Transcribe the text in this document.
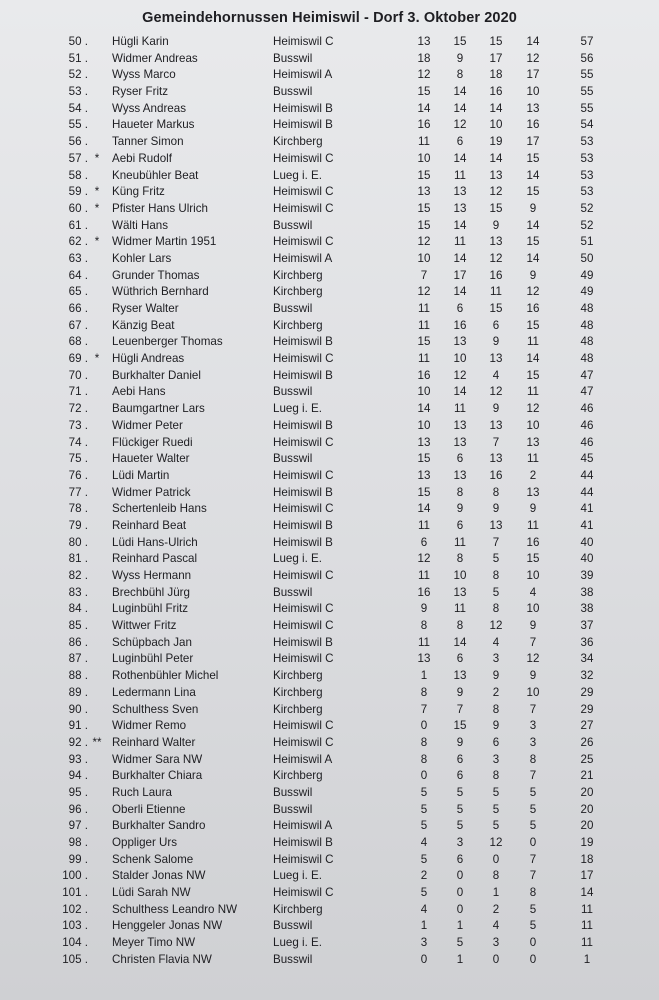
Gemeindehornussen Heimiswil - Dorf 3. Oktober 2020
50 . Hügli Karin	Heimiswil C	13	15	15	14	57
51 . Widmer Andreas	Busswil	18	9	17	12	56
52 . Wyss Marco	Heimiswil A	12	8	18	17	55
53 . Ryser Fritz	Busswil	15	14	16	10	55
54 . Wyss Andreas	Heimiswil B	14	14	14	13	55
55 . Haueter Markus	Heimiswil B	16	12	10	16	54
56 . Tanner Simon	Kirchberg	11	6	19	17	53
57 . *	Aebi Rudolf	Heimiswil C	10	14	14	15	53
58 . Kneubühler Beat	Lueg i. E.	15	11	13	14	53
59 . *	Küng Fritz	Heimiswil C	13	13	12	15	53
60 . *	Pfister Hans Ulrich	Heimiswil C	15	13	15	9	52
61 . Wälti Hans	Busswil	15	14	9	14	52
62 . *	Widmer Martin 1951	Heimiswil C	12	11	13	15	51
63 . Kohler Lars	Heimiswil A	10	14	12	14	50
64 . Grunder Thomas	Kirchberg	7	17	16	9	49
65 . Wüthrich Bernhard	Kirchberg	12	14	11	12	49
66 . Ryser Walter	Busswil	11	6	15	16	48
67 . Känzig Beat	Kirchberg	11	16	6	15	48
68 . Leuenberger Thomas	Heimiswil B	15	13	9	11	48
69 . *	Hügli Andreas	Heimiswil C	11	10	13	14	48
70 . Burkhalter Daniel	Heimiswil B	16	12	4	15	47
71 . Aebi Hans	Busswil	10	14	12	11	47
72 . Baumgartner Lars	Lueg i. E.	14	11	9	12	46
73 . Widmer Peter	Heimiswil B	10	13	13	10	46
74 . Flückiger Ruedi	Heimiswil C	13	13	7	13	46
75 . Haueter Walter	Busswil	15	6	13	11	45
76 . Lüdi Martin	Heimiswil C	13	13	16	2	44
77 . Widmer Patrick	Heimiswil B	15	8	8	13	44
78 . Schertenleib Hans	Heimiswil C	14	9	9	9	41
79 . Reinhard Beat	Heimiswil B	11	6	13	11	41
80 . Lüdi Hans-Ulrich	Heimiswil B	6	11	7	16	40
81 . Reinhard Pascal	Lueg i. E.	12	8	5	15	40
82 . Wyss Hermann	Heimiswil C	11	10	8	10	39
83 . Brechbühl Jürg	Busswil	16	13	5	4	38
84 . Luginbühl Fritz	Heimiswil C	9	11	8	10	38
85 . Wittwer Fritz	Heimiswil C	8	8	12	9	37
86 . Schüpbach Jan	Heimiswil B	11	14	4	7	36
87 . Luginbühl Peter	Heimiswil C	13	6	3	12	34
88 . Rothenbühler Michel	Kirchberg	1	13	9	9	32
89 . Ledermann Lina	Kirchberg	8	9	2	10	29
90 . Schulthess Sven	Kirchberg	7	7	8	7	29
91 . Widmer Remo	Heimiswil C	0	15	9	3	27
92 . ** Reinhard Walter	Heimiswil C	8	9	6	3	26
93 . Widmer Sara NW	Heimiswil A	8	6	3	8	25
94 . Burkhalter Chiara	Kirchberg	0	6	8	7	21
95 . Ruch Laura	Busswil	5	5	5	5	20
96 . Oberli Etienne	Busswil	5	5	5	5	20
97 . Burkhalter Sandro	Heimiswil A	5	5	5	5	20
98 . Oppliger Urs	Heimiswil B	4	3	12	0	19
99 . Schenk Salome	Heimiswil C	5	6	0	7	18
100 . Stalder Jonas NW	Lueg i. E.	2	0	8	7	17
101 . Lüdi Sarah NW	Heimiswil C	5	0	1	8	14
102 . Schulthess Leandro NW	Kirchberg	4	0	2	5	11
103 . Henggeler Jonas NW	Busswil	1	1	4	5	11
104 . Meyer Timo NW	Lueg i. E.	3	5	3	0	11
105 . Christen Flavia NW	Busswil	0	1	0	0	1
